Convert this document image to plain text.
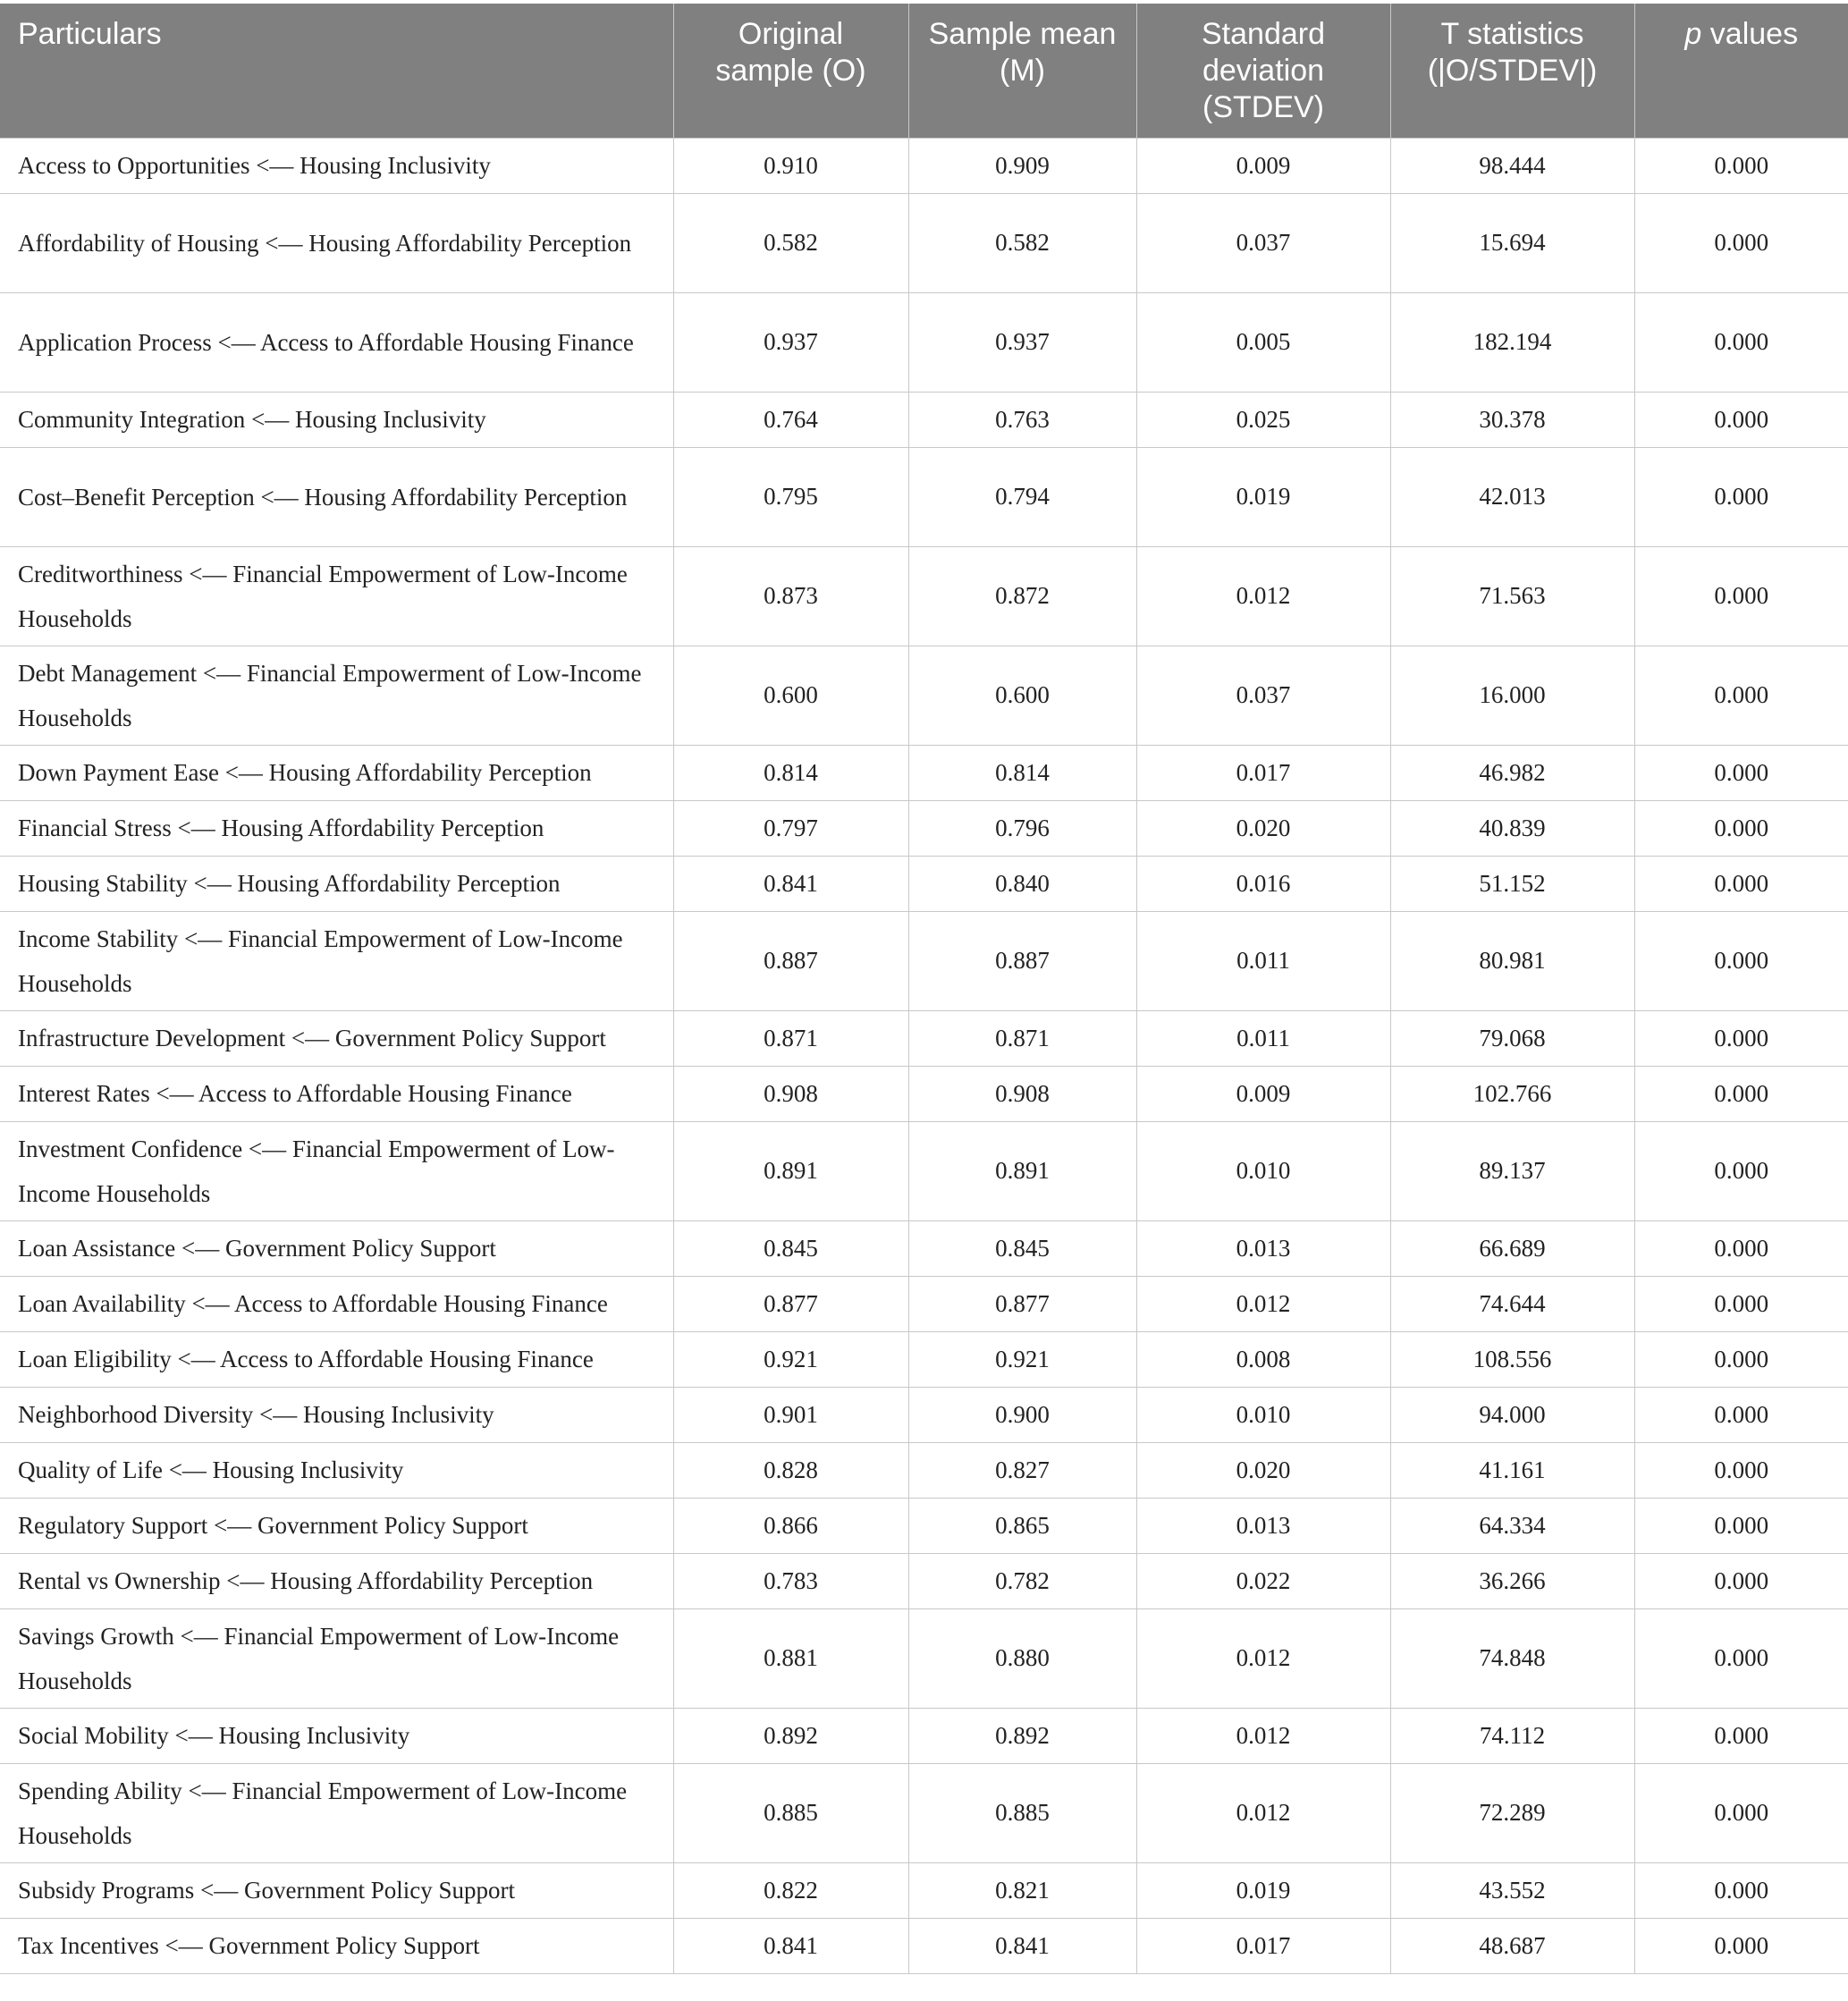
Particulars	Original sample (O)	Sample mean (M)	Standard deviation (STDEV)	T statistics (|O/STDEV|)	p values
Access to Opportunities <— Housing Inclusivity	0.910	0.909	0.009	98.444	0.000
Affordability of Housing <— Housing Affordability Perception	0.582	0.582	0.037	15.694	0.000
Application Process <— Access to Affordable Housing Finance	0.937	0.937	0.005	182.194	0.000
Community Integration <— Housing Inclusivity	0.764	0.763	0.025	30.378	0.000
Cost–Benefit Perception <— Housing Affordability Perception	0.795	0.794	0.019	42.013	0.000
Creditworthiness <— Financial Empowerment of Low-Income Households	0.873	0.872	0.012	71.563	0.000
Debt Management <— Financial Empowerment of Low-Income Households	0.600	0.600	0.037	16.000	0.000
Down Payment Ease <— Housing Affordability Perception	0.814	0.814	0.017	46.982	0.000
Financial Stress <— Housing Affordability Perception	0.797	0.796	0.020	40.839	0.000
Housing Stability <— Housing Affordability Perception	0.841	0.840	0.016	51.152	0.000
Income Stability <— Financial Empowerment of Low-Income Households	0.887	0.887	0.011	80.981	0.000
Infrastructure Development <— Government Policy Support	0.871	0.871	0.011	79.068	0.000
Interest Rates <— Access to Affordable Housing Finance	0.908	0.908	0.009	102.766	0.000
Investment Confidence <— Financial Empowerment of Low-Income Households	0.891	0.891	0.010	89.137	0.000
Loan Assistance <— Government Policy Support	0.845	0.845	0.013	66.689	0.000
Loan Availability <— Access to Affordable Housing Finance	0.877	0.877	0.012	74.644	0.000
Loan Eligibility <— Access to Affordable Housing Finance	0.921	0.921	0.008	108.556	0.000
Neighborhood Diversity <— Housing Inclusivity	0.901	0.900	0.010	94.000	0.000
Quality of Life <— Housing Inclusivity	0.828	0.827	0.020	41.161	0.000
Regulatory Support <— Government Policy Support	0.866	0.865	0.013	64.334	0.000
Rental vs Ownership <— Housing Affordability Perception	0.783	0.782	0.022	36.266	0.000
Savings Growth <— Financial Empowerment of Low-Income Households	0.881	0.880	0.012	74.848	0.000
Social Mobility <— Housing Inclusivity	0.892	0.892	0.012	74.112	0.000
Spending Ability <— Financial Empowerment of Low-Income Households	0.885	0.885	0.012	72.289	0.000
Subsidy Programs <— Government Policy Support	0.822	0.821	0.019	43.552	0.000
Tax Incentives <— Government Policy Support	0.841	0.841	0.017	48.687	0.000
